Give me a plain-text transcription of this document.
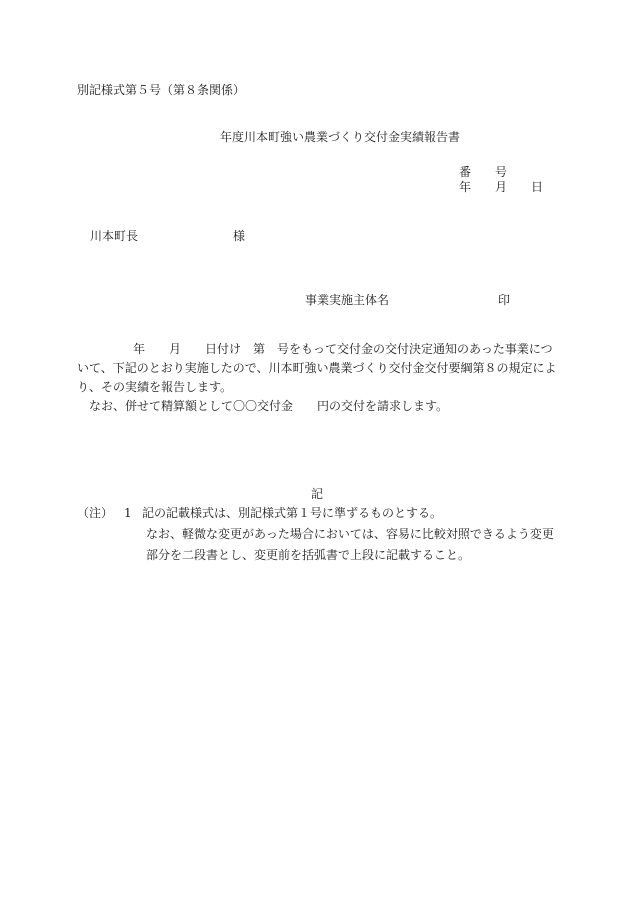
別記様式第５号（第８条関係）
年度川本町強い農業づくり交付金実績報告書
番　　号
年　　月　　日
川本町長	様
事業実施主体名	印
年　　月　　日付け　第　号をもって交付金の交付決定通知のあった事業につ
いて、下記のとおり実施したので、川本町強い農業づくり交付金交付要綱第８の規定によ
り、その実績を報告します。
なお、併せて精算額として〇〇交付金　　円の交付を請求します。
記
（注） 1 記の記載様式は、別記様式第１号に準ずるものとする。
なお、軽微な変更があった場合においては、容易に比較対照できるよう変更
部分を二段書とし、変更前を括弧書で上段に記載すること。
